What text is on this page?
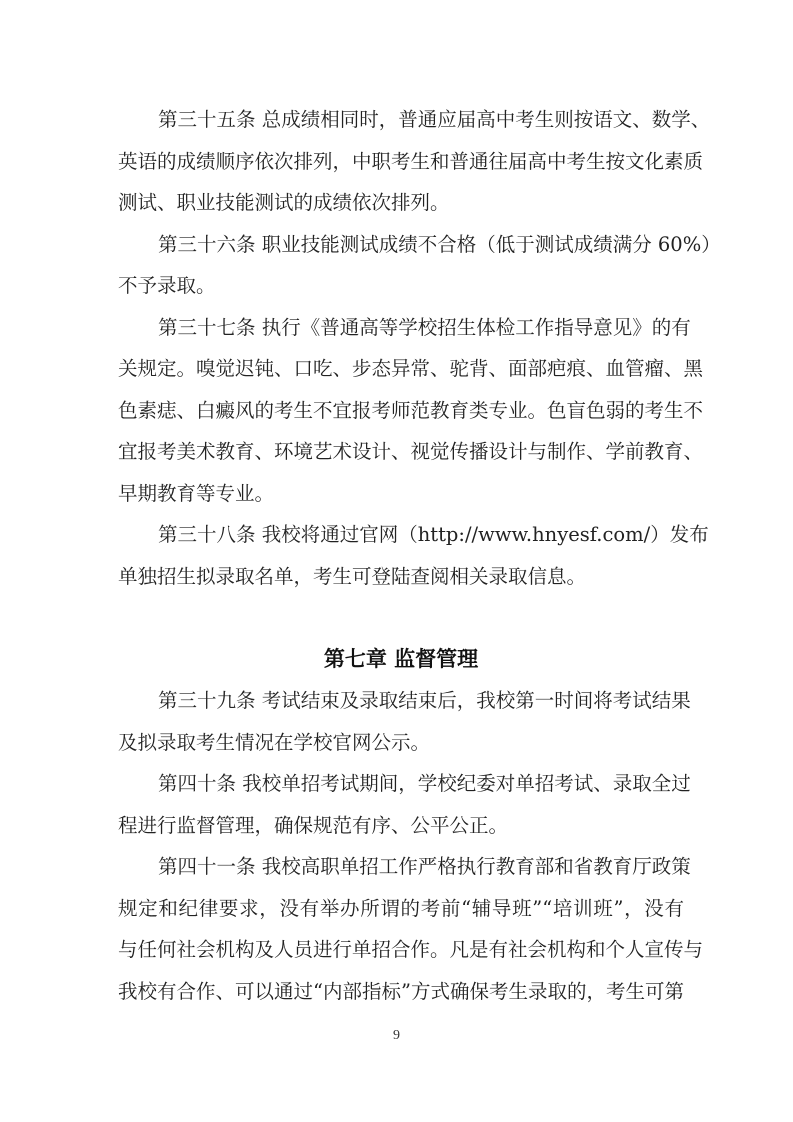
第三十五条 总成绩相同时，普通应届高中考生则按语文、数学、
英语的成绩顺序依次排列，中职考生和普通往届高中考生按文化素质
测试、职业技能测试的成绩依次排列。
第三十六条 职业技能测试成绩不合格（低于测试成绩满分 60%）
不予录取。
第三十七条 执行《普通高等学校招生体检工作指导意见》的有
关规定。嗅觉迟钝、口吃、步态异常、驼背、面部疤痕、血管瘤、黑
色素痣、白癜风的考生不宜报考师范教育类专业。色盲色弱的考生不
宜报考美术教育、环境艺术设计、视觉传播设计与制作、学前教育、
早期教育等专业。
第三十八条 我校将通过官网（http://www.hnyesf.com/）发布
单独招生拟录取名单，考生可登陆查阅相关录取信息。
第七章 监督管理
第三十九条 考试结束及录取结束后，我校第一时间将考试结果
及拟录取考生情况在学校官网公示。
第四十条 我校单招考试期间，学校纪委对单招考试、录取全过
程进行监督管理，确保规范有序、公平公正。
第四十一条 我校高职单招工作严格执行教育部和省教育厅政策
规定和纪律要求，没有举办所谓的考前“辅导班”“培训班”，没有
与任何社会机构及人员进行单招合作。凡是有社会机构和个人宣传与
我校有合作、可以通过“内部指标”方式确保考生录取的，考生可第
9
